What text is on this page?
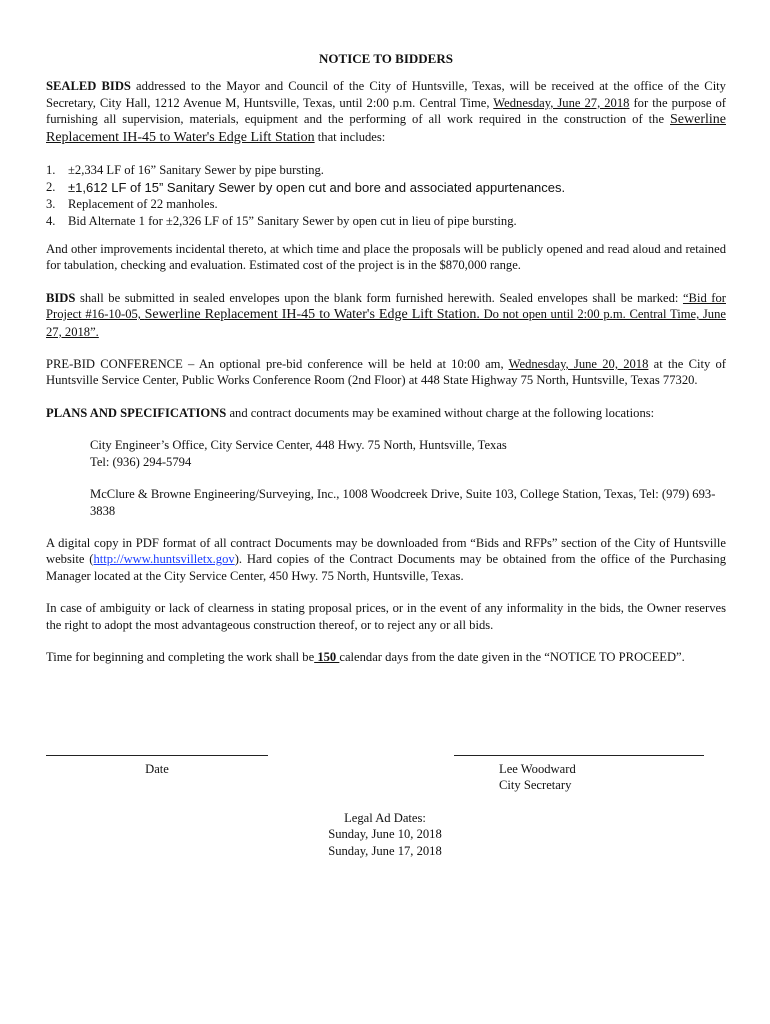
NOTICE TO BIDDERS

SEALED BIDS addressed to the Mayor and Council of the City of Huntsville, Texas, will be received at the office of the City Secretary, City Hall, 1212 Avenue M, Huntsville, Texas, until 2:00 p.m. Central Time, Wednesday, June 27, 2018 for the purpose of furnishing all supervision, materials, equipment and the performing of all work required in the construction of the Sewerline Replacement IH-45 to Water's Edge Lift Station that includes:

1. ±2,334 LF of 16” Sanitary Sewer by pipe bursting.
2. ±1,612 LF of 15” Sanitary Sewer by open cut and bore and associated appurtenances.
3. Replacement of 22 manholes.
4. Bid Alternate 1 for ±2,326 LF of 15” Sanitary Sewer by open cut in lieu of pipe bursting.

And other improvements incidental thereto, at which time and place the proposals will be publicly opened and read aloud and retained for tabulation, checking and evaluation. Estimated cost of the project is in the $870,000 range.

BIDS shall be submitted in sealed envelopes upon the blank form furnished herewith. Sealed envelopes shall be marked: “Bid for Project #16-10-05, Sewerline Replacement IH-45 to Water's Edge Lift Station. Do not open until 2:00 p.m. Central Time, June 27, 2018”.

PRE-BID CONFERENCE – An optional pre-bid conference will be held at 10:00 am, Wednesday, June 20, 2018 at the City of Huntsville Service Center, Public Works Conference Room (2nd Floor) at 448 State Highway 75 North, Huntsville, Texas 77320.

PLANS AND SPECIFICATIONS and contract documents may be examined without charge at the following locations:

City Engineer’s Office, City Service Center, 448 Hwy. 75 North, Huntsville, Texas

Tel: (936) 294-5794

McClure & Browne Engineering/Surveying, Inc., 1008 Woodcreek Drive, Suite 103, College Station, Texas, Tel: (979) 693-3838

A digital copy in PDF format of all contract Documents may be downloaded from “Bids and RFPs” section of the City of Huntsville website (http://www.huntsvilletx.gov). Hard copies of the Contract Documents may be obtained from the office of the Purchasing Manager located at the City Service Center, 450 Hwy. 75 North, Huntsville, Texas.

In case of ambiguity or lack of clearness in stating proposal prices, or in the event of any informality in the bids, the Owner reserves the right to adopt the most advantageous construction thereof, or to reject any or all bids.

Time for beginning and completing the work shall be 150 calendar days from the date given in the “NOTICE TO PROCEED”.

Date	Lee Woodward
City Secretary
Legal Ad Dates:
Sunday, June 10, 2018
Sunday, June 17, 2018
